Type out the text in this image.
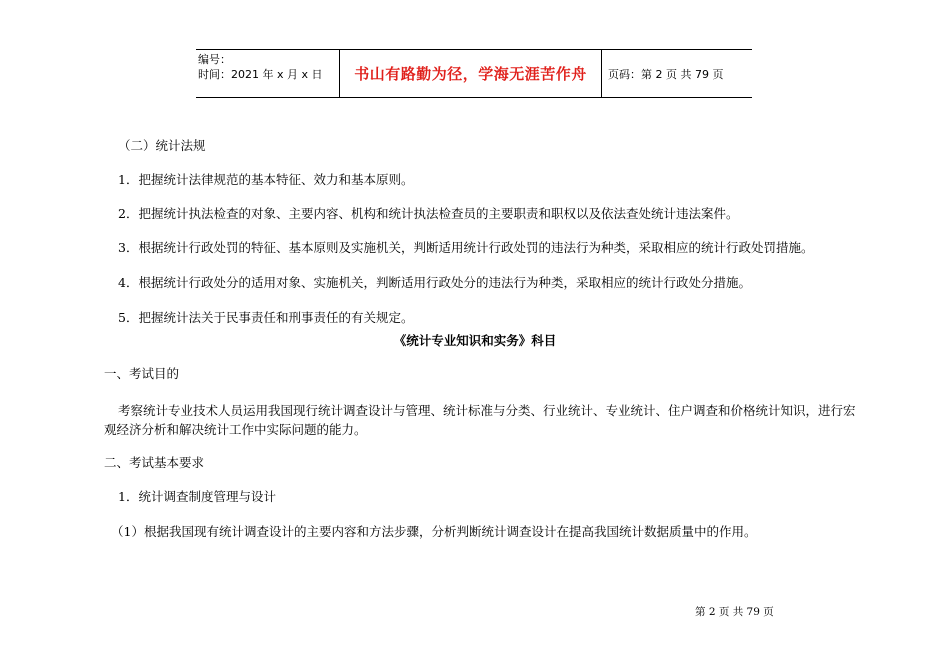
编号：
时间：2021 年 x 月 x 日	书山有路勤为径，学海无涯苦作舟 页码：第 2 页 共 79 页
（二）统计法规
1．把握统计法律规范的基本特征、效力和基本原则。
2．把握统计执法检查的对象、主要内容、机构和统计执法检查员的主要职责和职权以及依法查处统计违法案件。
3．根据统计行政处罚的特征、基本原则及实施机关，判断适用统计行政处罚的违法行为种类，采取相应的统计行政处罚措施。
4．根据统计行政处分的适用对象、实施机关，判断适用行政处分的违法行为种类，采取相应的统计行政处分措施。
5．把握统计法关于民事责任和刑事责任的有关规定。
《统计专业知识和实务》科目
一、考试目的
考察统计专业技术人员运用我国现行统计调查设计与管理、统计标准与分类、行业统计、专业统计、住户调查和价格统计知识，进行宏观经济分析和解决统计工作中实际问题的能力。
二、考试基本要求
1．统计调查制度管理与设计
（1）根据我国现有统计调查设计的主要内容和方法步骤，分析判断统计调查设计在提高我国统计数据质量中的作用。
第 2 页 共 79 页
